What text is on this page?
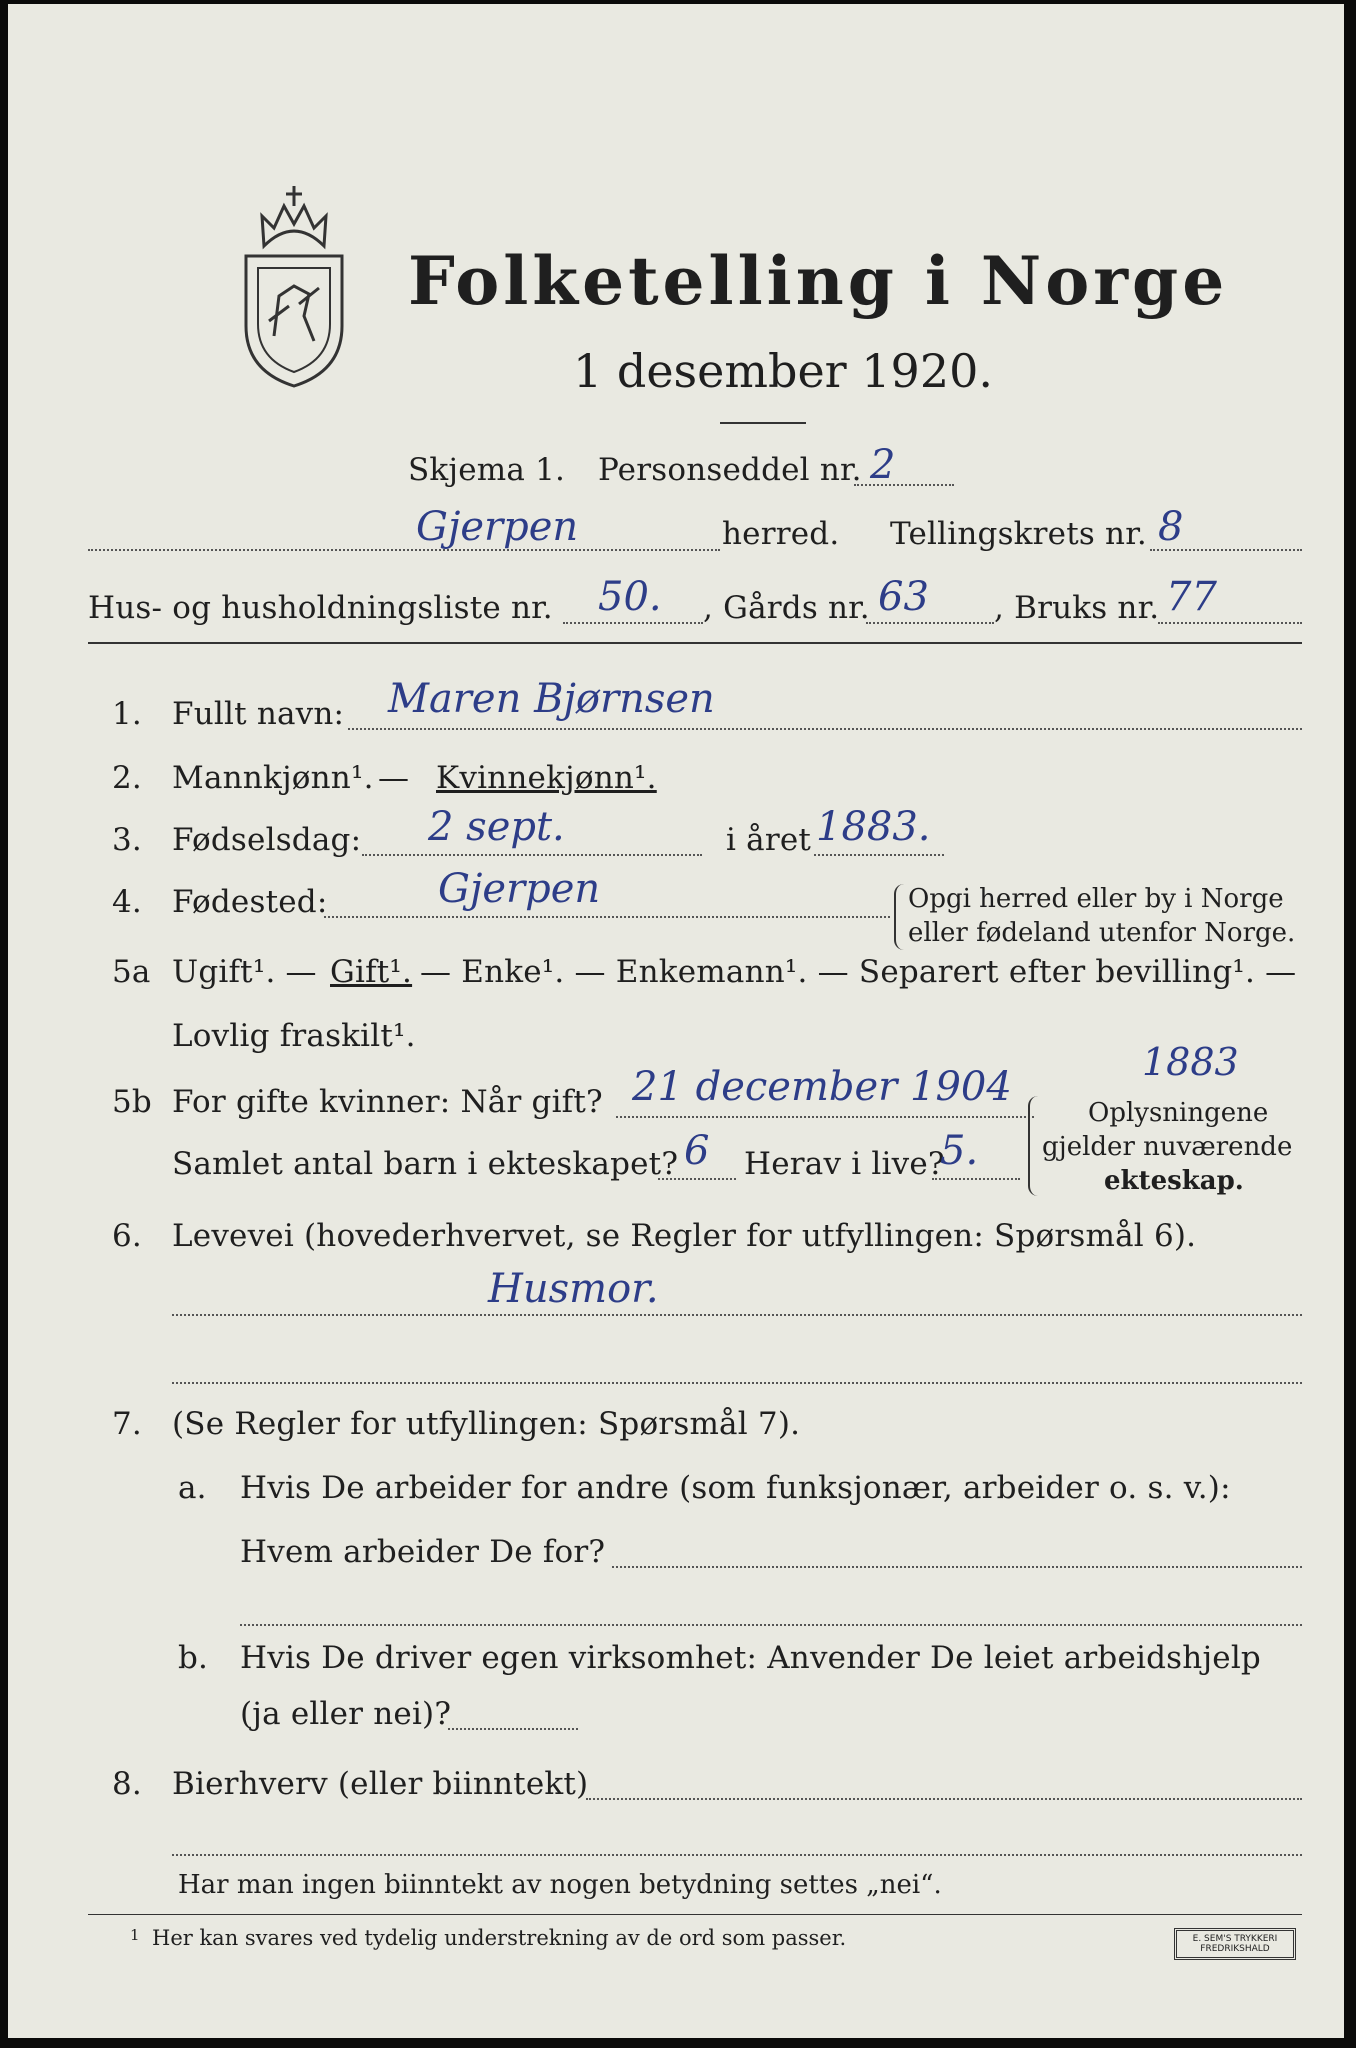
Folketelling i Norge
1 desember 1920.
Skjema 1. Personseddel nr. 2
Gjerpen	herred. Tellingskrets nr. 8
Hus- og husholdningsliste nr. 50. , Gårds nr. 63 , Bruks nr. 77
1. Fullt navn: Maren Bjørnsen
2. Mannkjønn¹. — Kvinnekjønn¹.
3. Fødselsdag: 2 sept.	i året 1883.
4. Fødested:	Gjerpen	Opgi herred eller by i Norge
eller fødeland utenfor Norge.
5a Ugift¹. — Gift¹. — Enke¹. — Enkemann¹. — Separert efter bevilling¹. —
Lovlig fraskilt¹.
1883
5b For gifte kvinner: Når gift? 21 december 1904
Samlet antal barn i ekteskapet? 6 Herav i live?
5.
Oplysningene
gjelder nuværende
ekteskap.
6. Levevei (hovederhvervet, se Regler for utfyllingen: Spørsmål 6).
Husmor.
7. (Se Regler for utfyllingen: Spørsmål 7).
a. Hvis De arbeider for andre (som funksjonær, arbeider o. s. v.):
Hvem arbeider De for?
b. Hvis De driver egen virksomhet: Anvender De leiet arbeidshjelp
(ja eller nei)?
8. Bierhverv (eller biinntekt)
Har man ingen biinntekt av nogen betydning settes „nei“.
1 Her kan svares ved tydelig understrekning av de ord som passer.	E. SEM'S TRYKKERI FREDRIKSHALD
